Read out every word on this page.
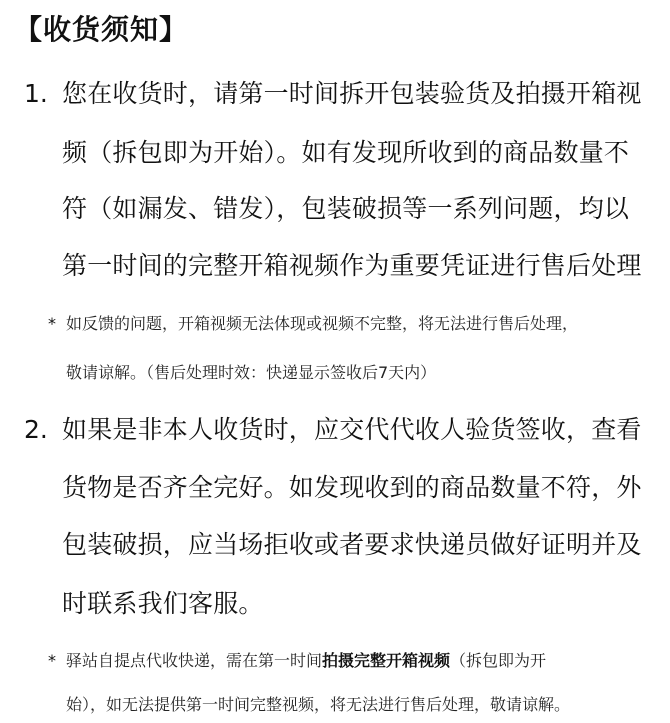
【收货须知】
1. 您在收货时，请第一时间拆开包装验货及拍摄开箱视
频（拆包即为开始）。如有发现所收到的商品数量不
符（如漏发、错发），包装破损等一系列问题，均以
第一时间的完整开箱视频作为重要凭证进行售后处理
* 如反馈的问题，开箱视频无法体现或视频不完整，将无法进行售后处理，
敬请谅解。（售后处理时效：快递显示签收后7天内）
2. 如果是非本人收货时，应交代代收人验货签收，查看
货物是否齐全完好。如发现收到的商品数量不符，外
包装破损，应当场拒收或者要求快递员做好证明并及
时联系我们客服。
* 驿站自提点代收快递，需在第一时间拍摄完整开箱视频（拆包即为开
始），如无法提供第一时间完整视频，将无法进行售后处理，敬请谅解。
